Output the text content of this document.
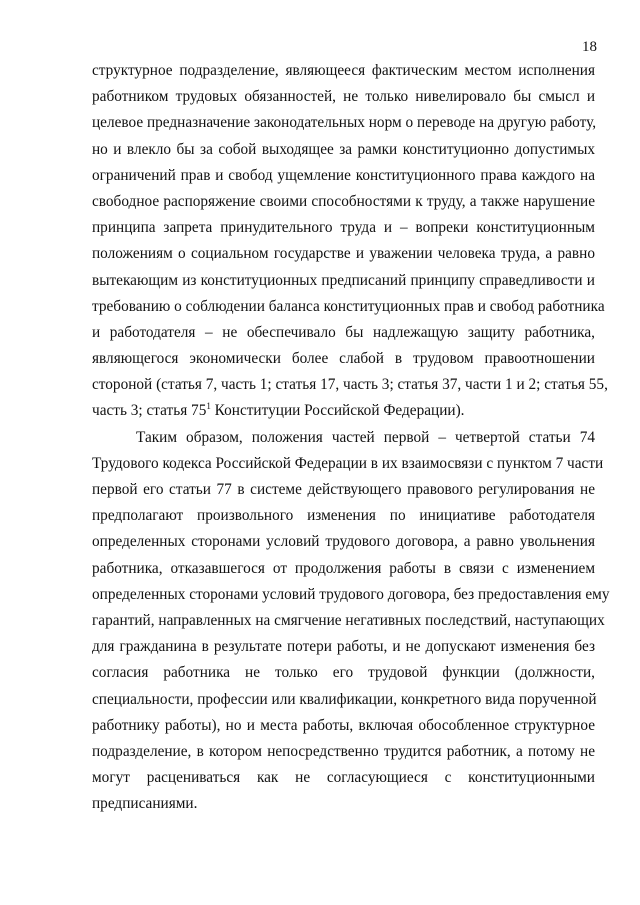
18
структурное подразделение, являющееся фактическим местом исполнения
работником трудовых обязанностей, не только нивелировало бы смысл и
целевое предназначение законодательных норм о переводе на другую работу,
но и влекло бы за собой выходящее за рамки конституционно допустимых
ограничений прав и свобод ущемление конституционного права каждого на
свободное распоряжение своими способностями к труду, а также нарушение
принципа запрета принудительного труда и – вопреки конституционным
положениям о социальном государстве и уважении человека труда, а равно
вытекающим из конституционных предписаний принципу справедливости и
требованию о соблюдении баланса конституционных прав и свобод работника
и работодателя – не обеспечивало бы надлежащую защиту работника,
являющегося экономически более слабой в трудовом правоотношении
стороной (статья 7, часть 1; статья 17, часть 3; статья 37, части 1 и 2; статья 55,
часть 3; статья $75^1$ Конституции Российской Федерации).
Таким образом, положения частей первой – четвертой статьи 74
Трудового кодекса Российской Федерации в их взаимосвязи с пунктом 7 части
первой его статьи 77 в системе действующего правового регулирования не
предполагают произвольного изменения по инициативе работодателя
определенных сторонами условий трудового договора, а равно увольнения
работника, отказавшегося от продолжения работы в связи с изменением
определенных сторонами условий трудового договора, без предоставления ему
гарантий, направленных на смягчение негативных последствий, наступающих
для гражданина в результате потери работы, и не допускают изменения без
согласия работника не только его трудовой функции (должности,
специальности, профессии или квалификации, конкретного вида порученной
работнику работы), но и места работы, включая обособленное структурное
подразделение, в котором непосредственно трудится работник, а потому не
могут расцениваться как не согласующиеся с конституционными
предписаниями.
